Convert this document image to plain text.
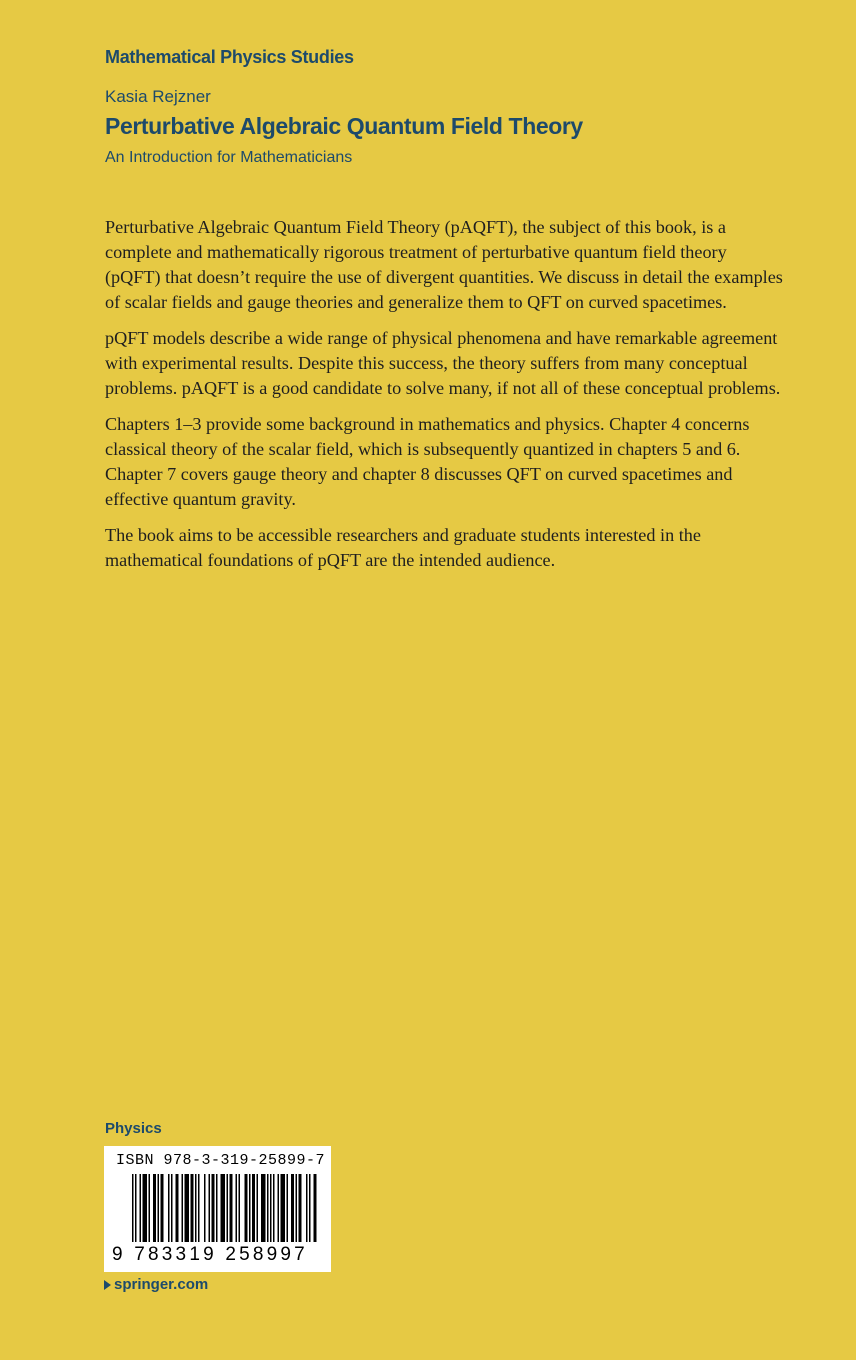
Mathematical Physics Studies
Kasia Rejzner
Perturbative Algebraic Quantum Field Theory
An Introduction for Mathematicians

Perturbative Algebraic Quantum Field Theory (pAQFT), the subject of this book, is a complete and mathematically rigorous treatment of perturbative quantum field theory (pQFT) that doesn’t require the use of divergent quantities. We discuss in detail the examples of scalar fields and gauge theories and generalize them to QFT on curved spacetimes.

pQFT models describe a wide range of physical phenomena and have remarkable agreement with experimental results. Despite this success, the theory suffers from many conceptual problems. pAQFT is a good candidate to solve many, if not all of these conceptual problems.

Chapters 1–3 provide some background in mathematics and physics. Chapter 4 concerns classical theory of the scalar field, which is subsequently quantized in chapters 5 and 6. Chapter 7 covers gauge theory and chapter 8 discusses QFT on curved spacetimes and effective quantum gravity.

The book aims to be accessible researchers and graduate students interested in the mathematical foundations of pQFT are the intended audience.

Physics
ISBN 978-3-319-25899-7
9 783319 258997
springer.com
